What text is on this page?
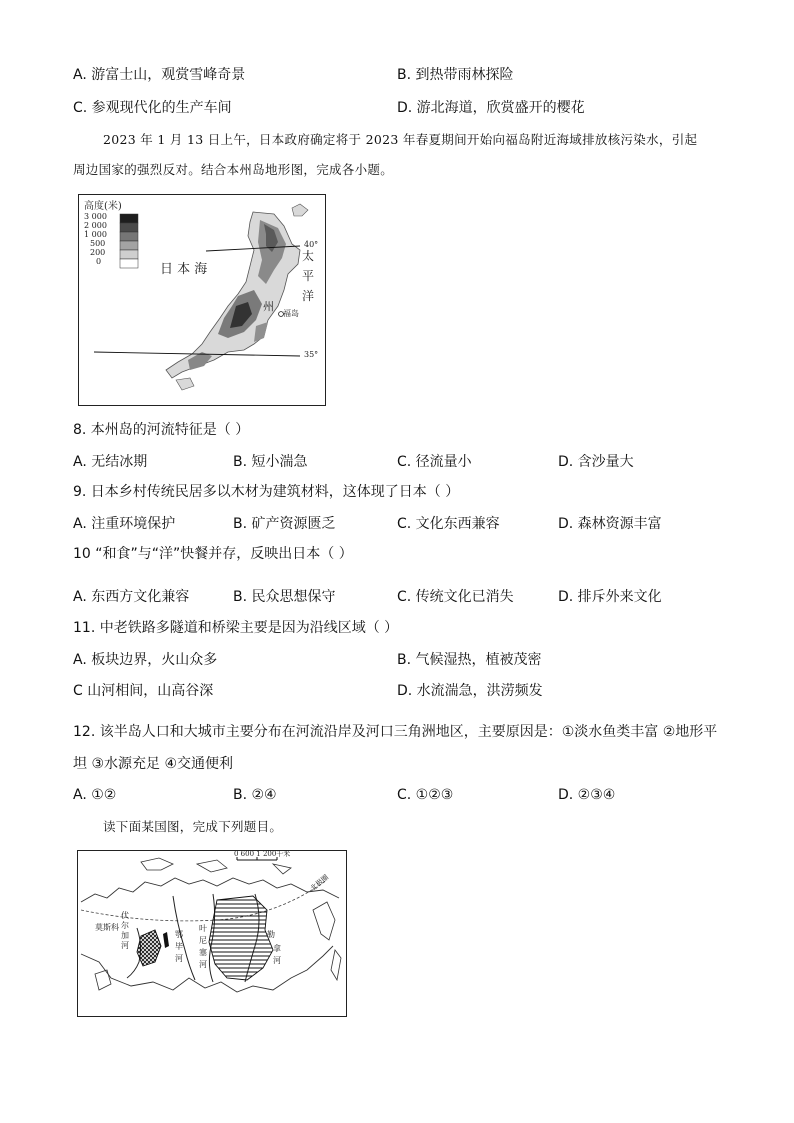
A. 游富士山，观赏雪峰奇景	B. 到热带雨林探险
C. 参观现代化的生产车间	D. 游北海道，欣赏盛开的樱花
2023 年 1 月 13 日上午，日本政府确定将于 2023 年春夏期间开始向福岛附近海域排放核污染水，引起
周边国家的强烈反对。结合本州岛地形图，完成各小题。
高度(米)
3 000
2 000
1 000
500
200
0
日 本 海
太
平
洋
州
福岛
40°
35°
8. 本州岛的河流特征是（ ）
A. 无结冰期	B. 短小湍急	C. 径流量小	D. 含沙量大
9. 日本乡村传统民居多以木材为建筑材料，这体现了日本（ ）
A. 注重环境保护	B. 矿产资源匮乏	C. 文化东西兼容	D. 森林资源丰富
10 “和食”与“洋”快餐并存，反映出日本（ ）
A. 东西方文化兼容	B. 民众思想保守	C. 传统文化已消失	D. 排斥外来文化
11. 中老铁路多隧道和桥梁主要是因为沿线区域（ ）
A. 板块边界，火山众多	B. 气候湿热，植被茂密
C 山河相间，山高谷深	D. 水流湍急，洪涝频发
12. 该半岛人口和大城市主要分布在河流沿岸及河口三角洲地区，主要原因是：①淡水鱼类丰富 ②地形平
坦 ③水源充足 ④交通便利
A. ①②	B. ②④	C. ①②③	D. ②③④
读下面某国图，完成下列题目。
0 600 1 200千米
北极圈
伏
莫斯科 尔
加
河
鄂
毕
河
叶
尼
塞
河
勒
拿
河
